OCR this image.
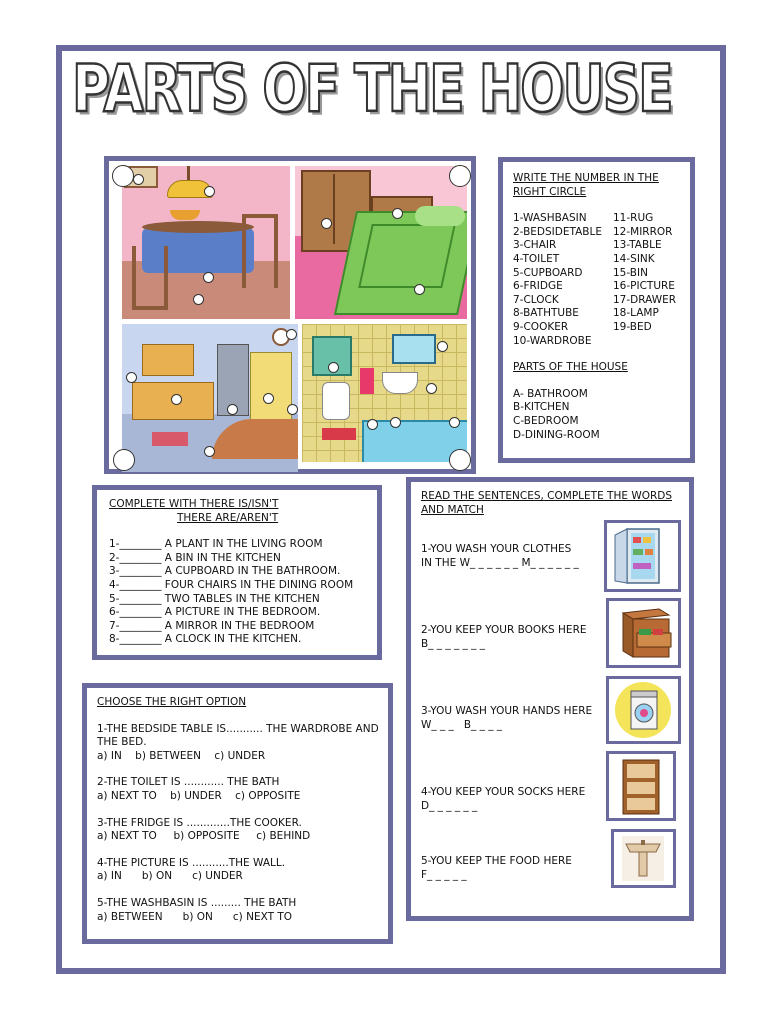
PARTS OF THE HOUSE
WRITE THE NUMBER IN THE
RIGHT CIRCLE
1-WASHBASIN	11-RUG
2-BEDSIDETABLE	12-MIRROR
3-CHAIR	13-TABLE
4-TOILET	14-SINK
5-CUPBOARD	15-BIN
6-FRIDGE	16-PICTURE
7-CLOCK	17-DRAWER
8-BATHTUBE	18-LAMP
9-COOKER	19-BED
10-WARDROBE
PARTS OF THE HOUSE
A- BATHROOM
B-KITCHEN
C-BEDROOM
D-DINING-ROOM
COMPLETE WITH THERE IS/ISN'T
THERE ARE/AREN'T
1-________ A PLANT IN THE LIVING ROOM
2-________ A BIN IN THE KITCHEN
3-________ A CUPBOARD IN THE BATHROOM.
4-________ FOUR CHAIRS IN THE DINING ROOM
5-________ TWO TABLES IN THE KITCHEN
6-________ A PICTURE IN THE BEDROOM.
7-________ A MIRROR IN THE BEDROOM
8-________ A CLOCK IN THE KITCHEN.
CHOOSE THE RIGHT OPTION
1-THE BEDSIDE TABLE IS........... THE WARDROBE AND
THE BED.
a) IN    b) BETWEEN    c) UNDER
2-THE TOILET IS ............ THE BATH
a) NEXT TO    b) UNDER    c) OPPOSITE
3-THE FRIDGE IS .............THE COOKER.
a) NEXT TO     b) OPPOSITE     c) BEHIND
4-THE PICTURE IS ...........THE WALL.
a) IN      b) ON      c) UNDER
5-THE WASHBASIN IS ......... THE BATH
a) BETWEEN      b) ON      c) NEXT TO
READ THE SENTENCES, COMPLETE THE WORDS
AND MATCH
1-YOU WASH YOUR CLOTHES
IN THE W_ _ _ _ _ _ M_ _ _ _ _ _
2-YOU KEEP YOUR BOOKS HERE
B_ _ _ _ _ _ _
3-YOU WASH YOUR HANDS HERE
W_ _ _   B_ _ _ _
4-YOU KEEP YOUR SOCKS HERE
D_ _ _ _ _ _
5-YOU KEEP THE FOOD HERE
F_ _ _ _ _
